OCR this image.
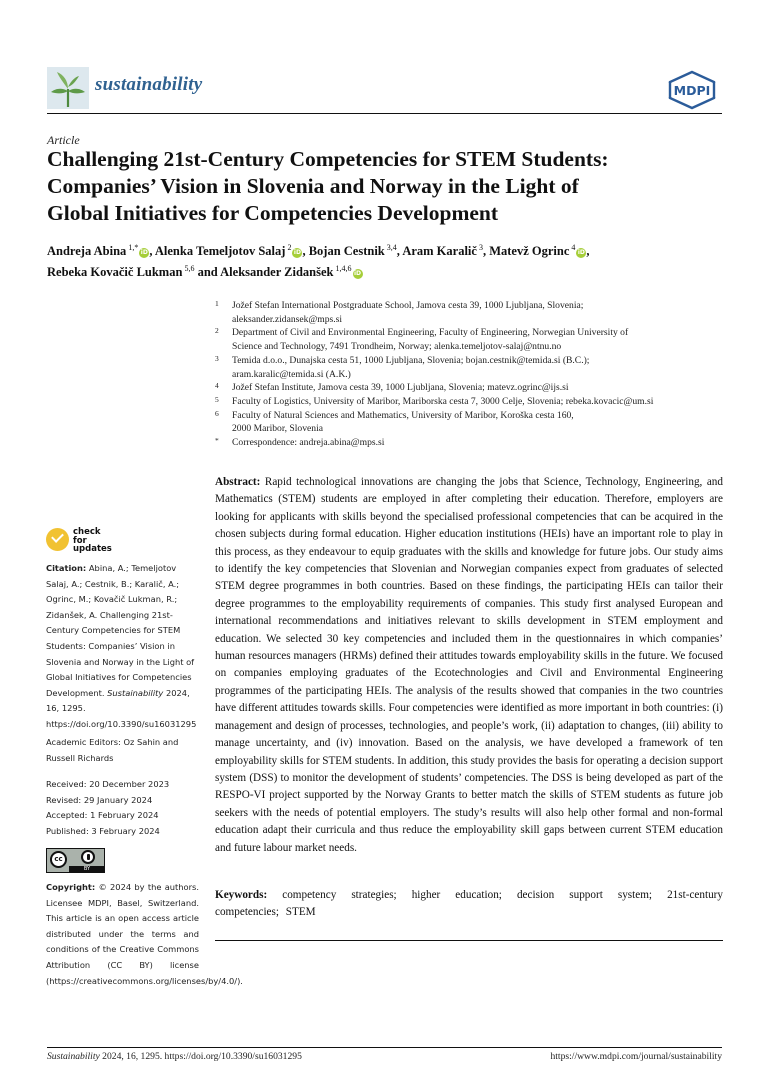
sustainability	MDPI
Article
Challenging 21st-Century Competencies for STEM Students:
Companies’ Vision in Slovenia and Norway in the Light of
Global Initiatives for Competencies Development
Andreja Abina $^{1,*}$iD, Alenka Temeljotov Salaj $^2$iD, Bojan Cestnik $^{3,4}$, Aram Karalič $^3$, Matevž Ogrinc $^4$iD,
Rebeka Kovačič Lukman $^{5,6}$ and Aleksander Zidanšek $^{1,4,6}$iD
1 Jožef Stefan International Postgraduate School, Jamova cesta 39, 1000 Ljubljana, Slovenia;
aleksander.zidansek@mps.si
2 Department of Civil and Environmental Engineering, Faculty of Engineering, Norwegian University of
Science and Technology, 7491 Trondheim, Norway; alenka.temeljotov-salaj@ntnu.no
3 Temida d.o.o., Dunajska cesta 51, 1000 Ljubljana, Slovenia; bojan.cestnik@temida.si (B.C.);
aram.karalic@temida.si (A.K.)
4 Jožef Stefan Institute, Jamova cesta 39, 1000 Ljubljana, Slovenia; matevz.ogrinc@ijs.si
5 Faculty of Logistics, University of Maribor, Mariborska cesta 7, 3000 Celje, Slovenia; rebeka.kovacic@um.si
6 Faculty of Natural Sciences and Mathematics, University of Maribor, Koroška cesta 160,
2000 Maribor, Slovenia
* Correspondence: andreja.abina@mps.si
Abstract: Rapid technological innovations are changing the jobs that Science, Technology, Engineering, and Mathematics (STEM) students are employed in after completing their education. Therefore, employers are looking for applicants with skills beyond the specialised professional competencies that can be acquired in the chosen subjects during formal education. Higher education institutions (HEIs) have an important role to play in this process, as they endeavour to equip graduates with the skills and knowledge for future jobs. Our study aims to identify the key competencies that Slovenian and Norwegian companies expect from graduates of selected STEM degree programmes in both countries. Based on these findings, the participating HEIs can tailor their degree programmes to the employability requirements of companies. This study first analysed European and international recommendations and initiatives relevant to skills development in STEM employment and education. We selected 30 key competencies and included them in the questionnaires in which companies’ human resources managers (HRMs) defined their attitudes towards employability skills in the future. We focused on companies employing graduates of the Ecotechnologies and Civil and Environmental Engineering programmes of the participating HEIs. The analysis of the results showed that companies in the two countries have different attitudes towards skills. Four competencies were identified as more important in both countries: (i) management and design of processes, technologies, and people’s work, (ii) adaptation to changes, (iii) ability to manage uncertainty, and (iv) innovation. Based on the analysis, we have developed a framework of ten employability skills for STEM students. In addition, this study provides the basis for operating a decision support system (DSS) to monitor the development of students’ competencies. The DSS is being developed as part of the RESPO-VI project supported by the Norway Grants to better match the skills of STEM students as future job seekers with the needs of potential employers. The study’s results will also help other formal and non-formal education adapt their curricula and thus reduce the employability skill gaps between current STEM education and future labour market needs.
Keywords: competency strategies; higher education; decision support system; 21st-century competencies; STEM
check for
updates
Citation: Abina, A.; Temeljotov Salaj, A.; Cestnik, B.; Karalič, A.; Ogrinc, M.; Kovačič Lukman, R.; Zidanšek, A. Challenging 21st-Century Competencies for STEM Students: Companies’ Vision in Slovenia and Norway in the Light of Global Initiatives for Competencies Development. Sustainability 2024, 16, 1295. https://doi.org/10.3390/su16031295
Academic Editors: Oz Sahin and Russell Richards
Received: 20 December 2023
Revised: 29 January 2024
Accepted: 1 February 2024
Published: 3 February 2024
cc
BY
Copyright: © 2024 by the authors. Licensee MDPI, Basel, Switzerland. This article is an open access article distributed under the terms and conditions of the Creative Commons Attribution (CC BY) license (https://creativecommons.org/licenses/by/4.0/).
Sustainability 2024, 16, 1295. https://doi.org/10.3390/su16031295	https://www.mdpi.com/journal/sustainability
